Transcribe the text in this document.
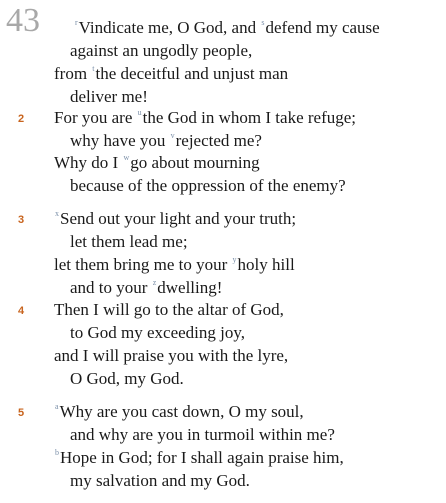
43	$^r$Vindicate me, O God, and $^s$defend my cause
against an ungodly people,
from $^t$the deceitful and unjust man
deliver me!
2 For you are $^u$the God in whom I take refuge;
why have you $^v$rejected me?
Why do I $^w$go about mourning
because of the oppression of the enemy?
3
$^x$Send out your light and your truth;
let them lead me;
let them bring me to your $^y$holy hill
and to your $^z$dwelling!
4 Then I will go to the altar of God,
to God my exceeding joy,
and I will praise you with the lyre,
O God, my God.
5
$^a$Why are you cast down, O my soul,
and why are you in turmoil within me?
$^b$Hope in God; for I shall again praise him,
my salvation and my God.
